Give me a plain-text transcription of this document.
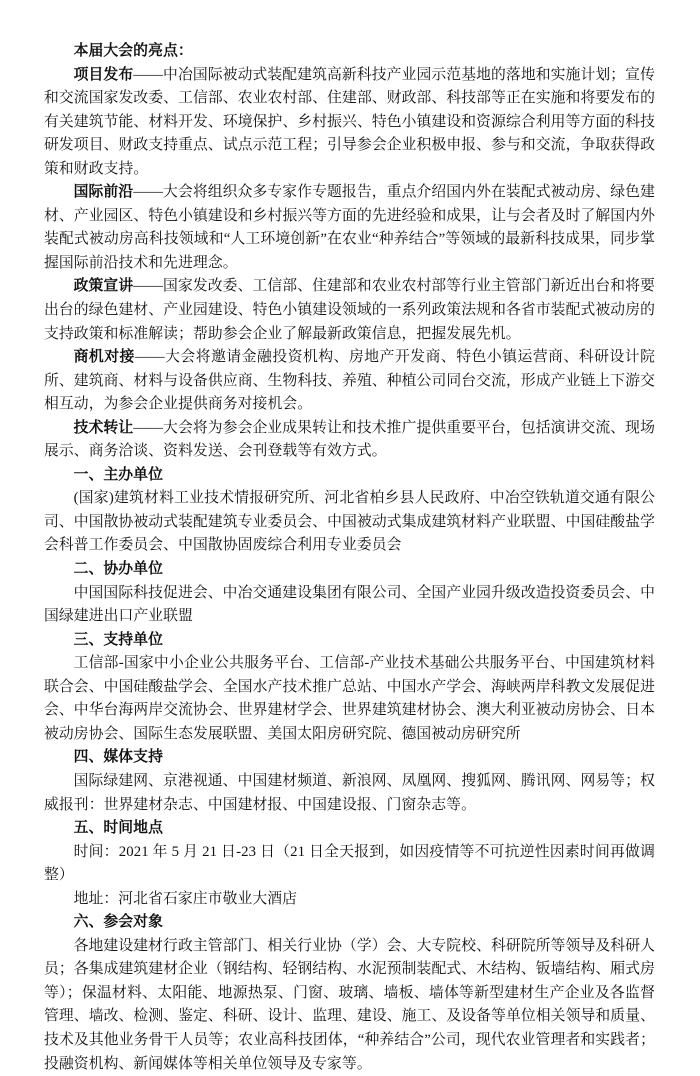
本届大会的亮点：

项目发布——中冶国际被动式装配建筑高新科技产业园示范基地的落地和实施计划；宣传和交流国家发改委、工信部、农业农村部、住建部、财政部、科技部等正在实施和将要发布的有关建筑节能、材料开发、环境保护、乡村振兴、特色小镇建设和资源综合利用等方面的科技研发项目、财政支持重点、试点示范工程；引导参会企业积极申报、参与和交流，争取获得政策和财政支持。

国际前沿——大会将组织众多专家作专题报告，重点介绍国内外在装配式被动房、绿色建材、产业园区、特色小镇建设和乡村振兴等方面的先进经验和成果，让与会者及时了解国内外装配式被动房高科技领域和“人工环境创新”在农业“种养结合”等领域的最新科技成果，同步掌握国际前沿技术和先进理念。

政策宣讲——国家发改委、工信部、住建部和农业农村部等行业主管部门新近出台和将要出台的绿色建材、产业园建设、特色小镇建设领域的一系列政策法规和各省市装配式被动房的支持政策和标准解读；帮助参会企业了解最新政策信息，把握发展先机。

商机对接——大会将邀请金融投资机构、房地产开发商、特色小镇运营商、科研设计院所、建筑商、材料与设备供应商、生物科技、养殖、种植公司同台交流，形成产业链上下游交相互动，为参会企业提供商务对接机会。

技术转让——大会将为参会企业成果转让和技术推广提供重要平台，包括演讲交流、现场展示、商务洽谈、资料发送、会刊登载等有效方式。

一、主办单位

(国家)建筑材料工业技术情报研究所、河北省柏乡县人民政府、中冶空铁轨道交通有限公司、中国散协被动式装配建筑专业委员会、中国被动式集成建筑材料产业联盟、中国硅酸盐学会科普工作委员会、中国散协固废综合利用专业委员会

二、协办单位

中国国际科技促进会、中冶交通建设集团有限公司、全国产业园升级改造投资委员会、中国绿建进出口产业联盟

三、支持单位

工信部-国家中小企业公共服务平台、工信部-产业技术基础公共服务平台、中国建筑材料联合会、中国硅酸盐学会、全国水产技术推广总站、中国水产学会、海峡两岸科教文发展促进会、中华台海两岸交流协会、世界建材学会、世界建筑建材协会、澳大利亚被动房协会、日本被动房协会、国际生态发展联盟、美国太阳房研究院、德国被动房研究所

四、媒体支持

国际绿建网、京港视通、中国建材频道、新浪网、凤凰网、搜狐网、腾讯网、网易等；权威报刊：世界建材杂志、中国建材报、中国建设报、门窗杂志等。

五、时间地点

时间：2021 年 5 月 21 日-23 日（21 日全天报到，如因疫情等不可抗逆性因素时间再做调整）

地址：河北省石家庄市敬业大酒店

六、参会对象

各地建设建材行政主管部门、相关行业协（学）会、大专院校、科研院所等领导及科研人员；各集成建筑建材企业（钢结构、轻钢结构、水泥预制装配式、木结构、钣墙结构、厢式房等）；保温材料、太阳能、地源热泵、门窗、玻璃、墙板、墙体等新型建材生产企业及各监督管理、墙改、检测、鉴定、科研、设计、监理、建设、施工、及设备等单位相关领导和质量、技术及其他业务骨干人员等；农业高科技团体，“种养结合”公司，现代农业管理者和实践者；投融资机构、新闻媒体等相关单位领导及专家等。
